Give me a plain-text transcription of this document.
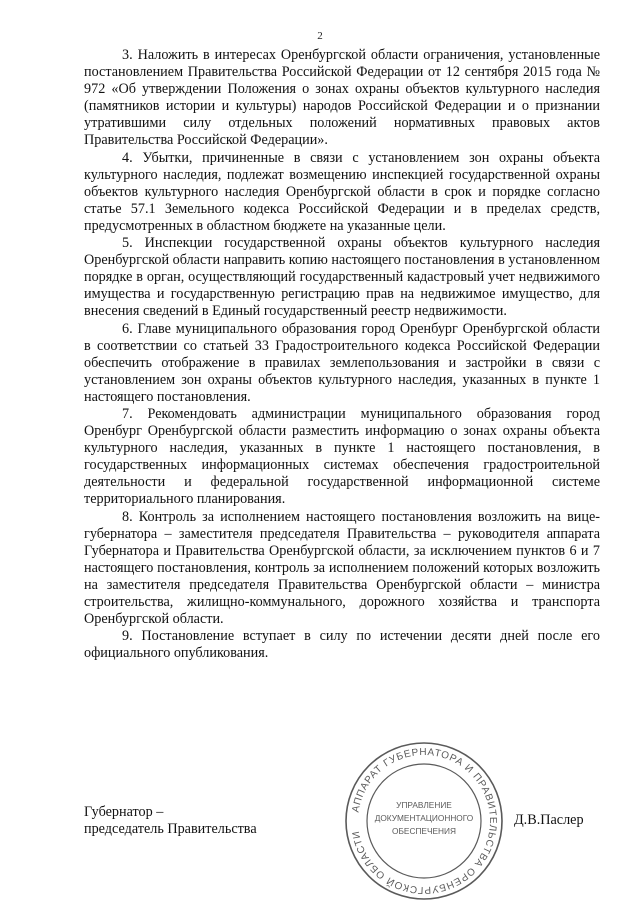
2

3. Наложить в интересах Оренбургской области ограничения, установленные постановлением Правительства Российской Федерации от 12 сентября 2015 года № 972 «Об утверждении Положения о зонах охраны объектов культурного наследия (памятников истории и культуры) народов Российской Федерации и о признании утратившими силу отдельных положений нормативных правовых актов Правительства Российской Федерации».

4. Убытки, причиненные в связи с установлением зон охраны объекта культурного наследия, подлежат возмещению инспекцией государственной охраны объектов культурного наследия Оренбургской области в срок и порядке согласно статье 57.1 Земельного кодекса Российской Федерации и в пределах средств, предусмотренных в областном бюджете на указанные цели.

5. Инспекции государственной охраны объектов культурного наследия Оренбургской области направить копию настоящего постановления в установленном порядке в орган, осуществляющий государственный кадастровый учет недвижимого имущества и государственную регистрацию прав на недвижимое имущество, для внесения сведений в Единый государственный реестр недвижимости.

6. Главе муниципального образования город Оренбург Оренбургской области в соответствии со статьей 33 Градостроительного кодекса Российской Федерации обеспечить отображение в правилах землепользования и застройки в связи с установлением зон охраны объектов культурного наследия, указанных в пункте 1 настоящего постановления.

7. Рекомендовать администрации муниципального образования город Оренбург Оренбургской области разместить информацию о зонах охраны объекта культурного наследия, указанных в пункте 1 настоящего постановления, в государственных информационных системах обеспечения градостроительной деятельности и федеральной государственной информационной системе территориального планирования.

8. Контроль за исполнением настоящего постановления возложить на вице-губернатора – заместителя председателя Правительства – руководителя аппарата Губернатора и Правительства Оренбургской области, за исключением пунктов 6 и 7 настоящего постановления, контроль за исполнением положений которых возложить на заместителя председателя Правительства Оренбургской области – министра строительства, жилищно-коммунального, дорожного хозяйства и транспорта Оренбургской области.

9. Постановление вступает в силу по истечении десяти дней после его официального опубликования.

Губернатор –
председатель Правительства
Д.В.Паслер
АППАРАТ ГУБЕРНАТОРА И ПРАВИТЕЛЬСТВА ОРЕНБУРГСКОЙ ОБЛАСТИ
УПРАВЛЕНИЕ
ДОКУМЕНТАЦИОННОГО
ОБЕСПЕЧЕНИЯ
